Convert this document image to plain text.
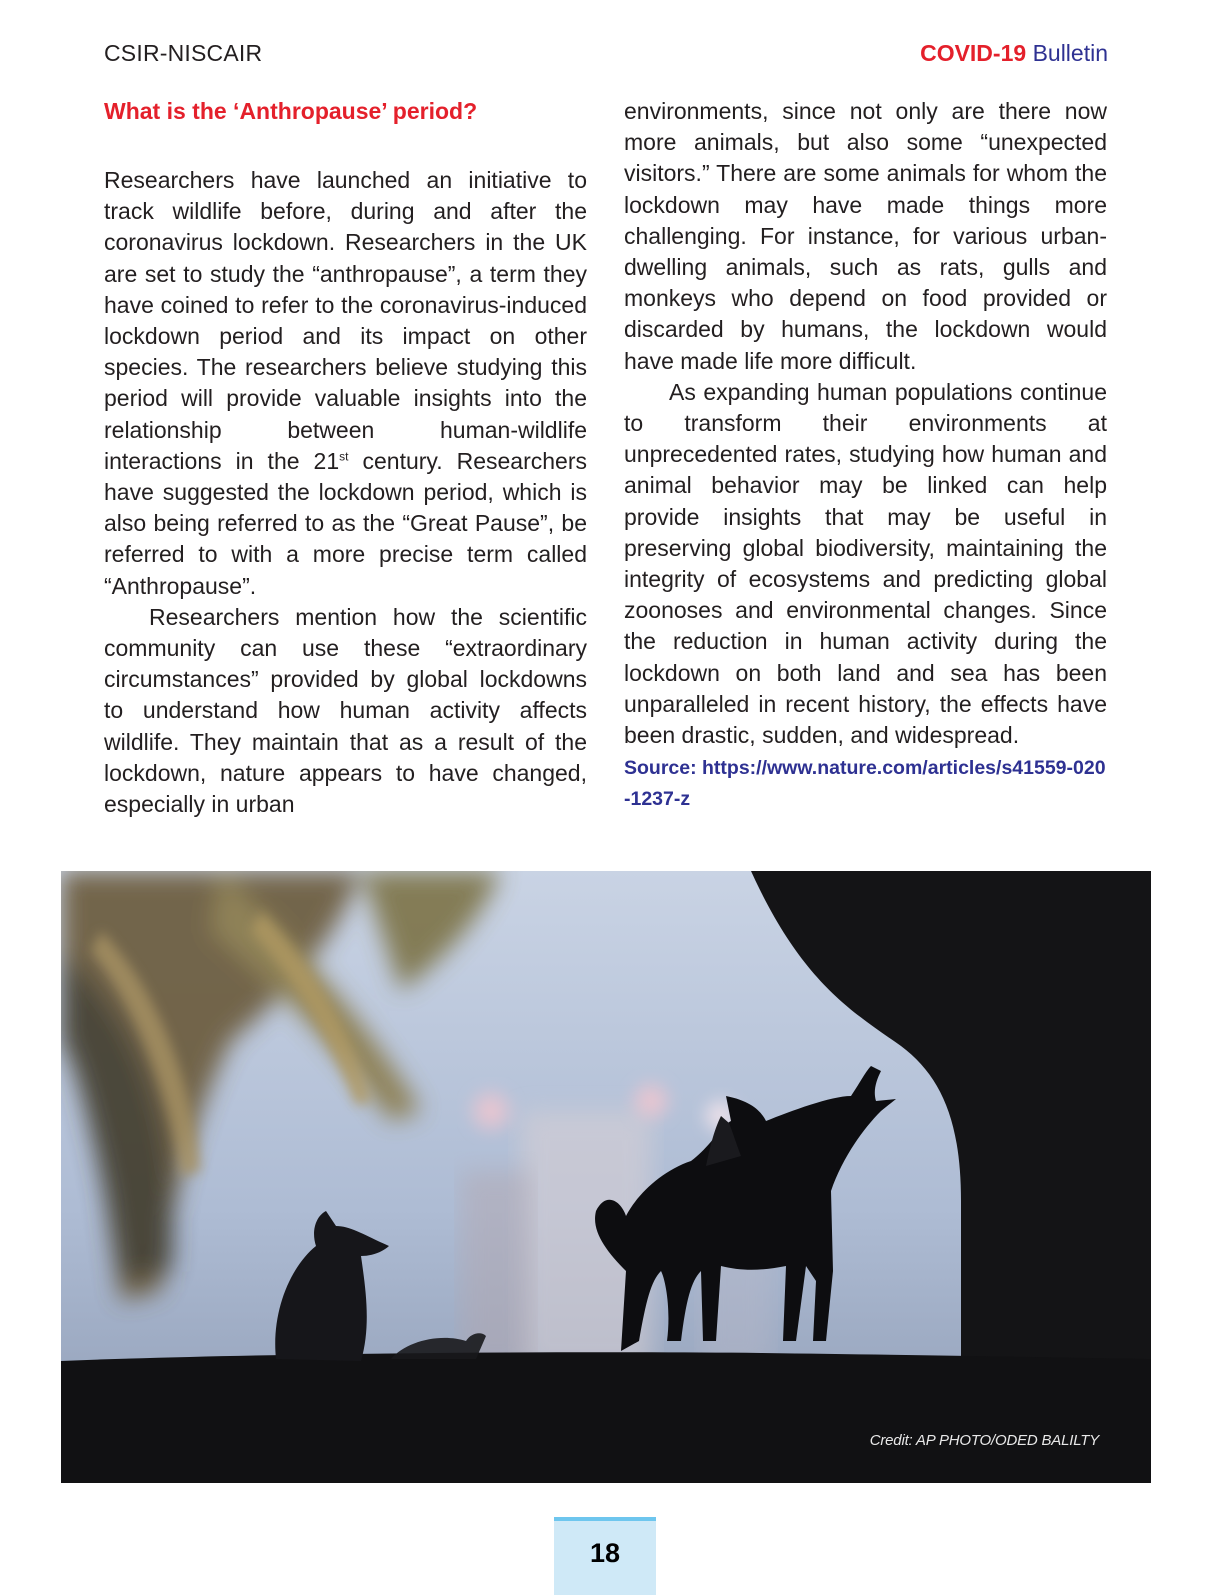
CSIR-NISCAIR	COVID-19 Bulletin
What is the ‘Anthropause’ period?

Researchers have launched an initiative to track wildlife before, during and after the coronavirus lockdown. Researchers in the UK are set to study the “anthropause”, a term they have coined to refer to the coronavirus-induced lockdown period and its impact on other species. The researchers believe studying this period will provide valuable insights into the relationship between human-wildlife interactions in the 21st century. Researchers have suggested the lockdown period, which is also being referred to as the “Great Pause”, be referred to with a more precise term called “Anthropause”.

Researchers mention how the scientific community can use these “extraordinary circumstances” provided by global lockdowns to understand how human activity affects wildlife. They maintain that as a result of the lockdown, nature appears to have changed, especially in urban

environments, since not only are there now more animals, but also some “unexpected visitors.” There are some animals for whom the lockdown may have made things more challenging. For instance, for various urban-dwelling animals, such as rats, gulls and monkeys who depend on food provided or discarded by humans, the lockdown would have made life more difficult.

As expanding human populations continue to transform their environments at unprecedented rates, studying how human and animal behavior may be linked can help provide insights that may be useful in preserving global biodiversity, maintaining the integrity of ecosystems and predicting global zoonoses and environmental changes. Since the reduction in human activity during the lockdown on both land and sea has been unparalleled in recent history, the effects have been drastic, sudden, and widespread.

Source: https://www.nature.com/articles/s41559-020-1237-z
Credit: AP PHOTO/ODED BALILTY
18
